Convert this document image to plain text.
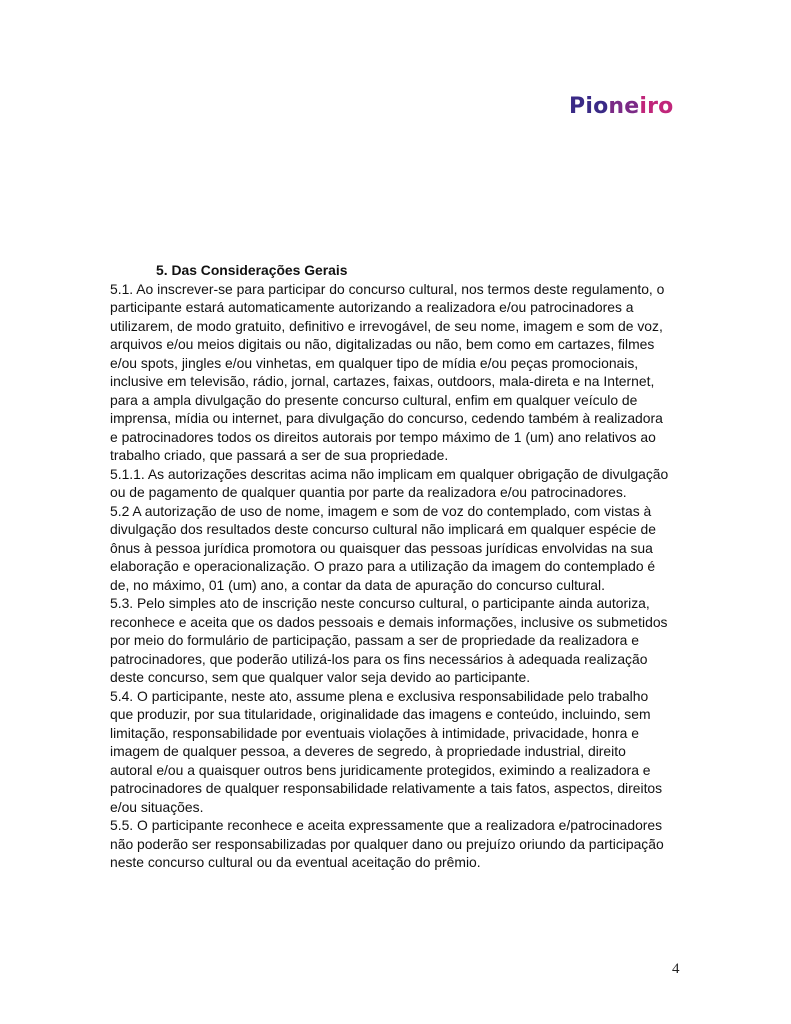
Pioneiro

5. Das Considerações Gerais

5.1. Ao inscrever-se para participar do concurso cultural, nos termos deste regulamento, o
participante estará automaticamente autorizando a realizadora e/ou patrocinadores a
utilizarem, de modo gratuito, definitivo e irrevogável, de seu nome, imagem e som de voz,
arquivos e/ou meios digitais ou não, digitalizadas ou não, bem como em cartazes, filmes
e/ou spots, jingles e/ou vinhetas, em qualquer tipo de mídia e/ou peças promocionais,
inclusive em televisão, rádio, jornal, cartazes, faixas, outdoors, mala-direta e na Internet,
para a ampla divulgação do presente concurso cultural, enfim em qualquer veículo de
imprensa, mídia ou internet, para divulgação do concurso, cedendo também à realizadora
e patrocinadores todos os direitos autorais por tempo máximo de 1 (um) ano relativos ao
trabalho criado, que passará a ser de sua propriedade.
5.1.1. As autorizações descritas acima não implicam em qualquer obrigação de divulgação
ou de pagamento de qualquer quantia por parte da realizadora e/ou patrocinadores.
5.2 A autorização de uso de nome, imagem e som de voz do contemplado, com vistas à
divulgação dos resultados deste concurso cultural não implicará em qualquer espécie de
ônus à pessoa jurídica promotora ou quaisquer das pessoas jurídicas envolvidas na sua
elaboração e operacionalização. O prazo para a utilização da imagem do contemplado é
de, no máximo, 01 (um) ano, a contar da data de apuração do concurso cultural.
5.3. Pelo simples ato de inscrição neste concurso cultural, o participante ainda autoriza,
reconhece e aceita que os dados pessoais e demais informações, inclusive os submetidos
por meio do formulário de participação, passam a ser de propriedade da realizadora e
patrocinadores, que poderão utilizá-los para os fins necessários à adequada realização
deste concurso, sem que qualquer valor seja devido ao participante.
5.4. O participante, neste ato, assume plena e exclusiva responsabilidade pelo trabalho
que produzir, por sua titularidade, originalidade das imagens e conteúdo, incluindo, sem
limitação, responsabilidade por eventuais violações à intimidade, privacidade, honra e
imagem de qualquer pessoa, a deveres de segredo, à propriedade industrial, direito
autoral e/ou a quaisquer outros bens juridicamente protegidos, eximindo a realizadora e
patrocinadores de qualquer responsabilidade relativamente a tais fatos, aspectos, direitos
e/ou situações.
5.5. O participante reconhece e aceita expressamente que a realizadora e/patrocinadores
não poderão ser responsabilizadas por qualquer dano ou prejuízo oriundo da participação
neste concurso cultural ou da eventual aceitação do prêmio.
4
